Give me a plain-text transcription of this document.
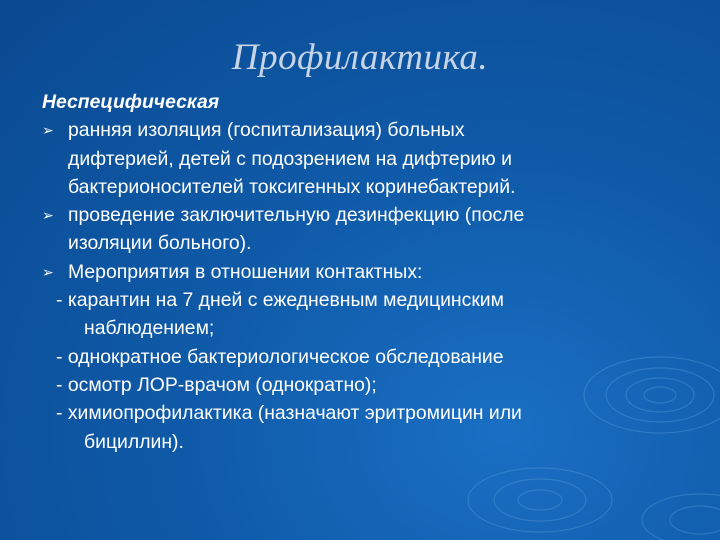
Профилактика.
Неспецифическая
➢ ранняя изоляция (госпитализация) больных
дифтерией, детей с подозрением на дифтерию и
бактерионосителей токсигенных коринебактерий.
➢ проведение заключительную дезинфекцию (после
изоляции больного).
➢ Мероприятия в отношении контактных:
- карантин на 7 дней с ежедневным медицинским
наблюдением;
- однократное бактериологическое обследование
- осмотр ЛОР-врачом (однократно);
- химиопрофилактика (назначают эритромицин или
бициллин).
